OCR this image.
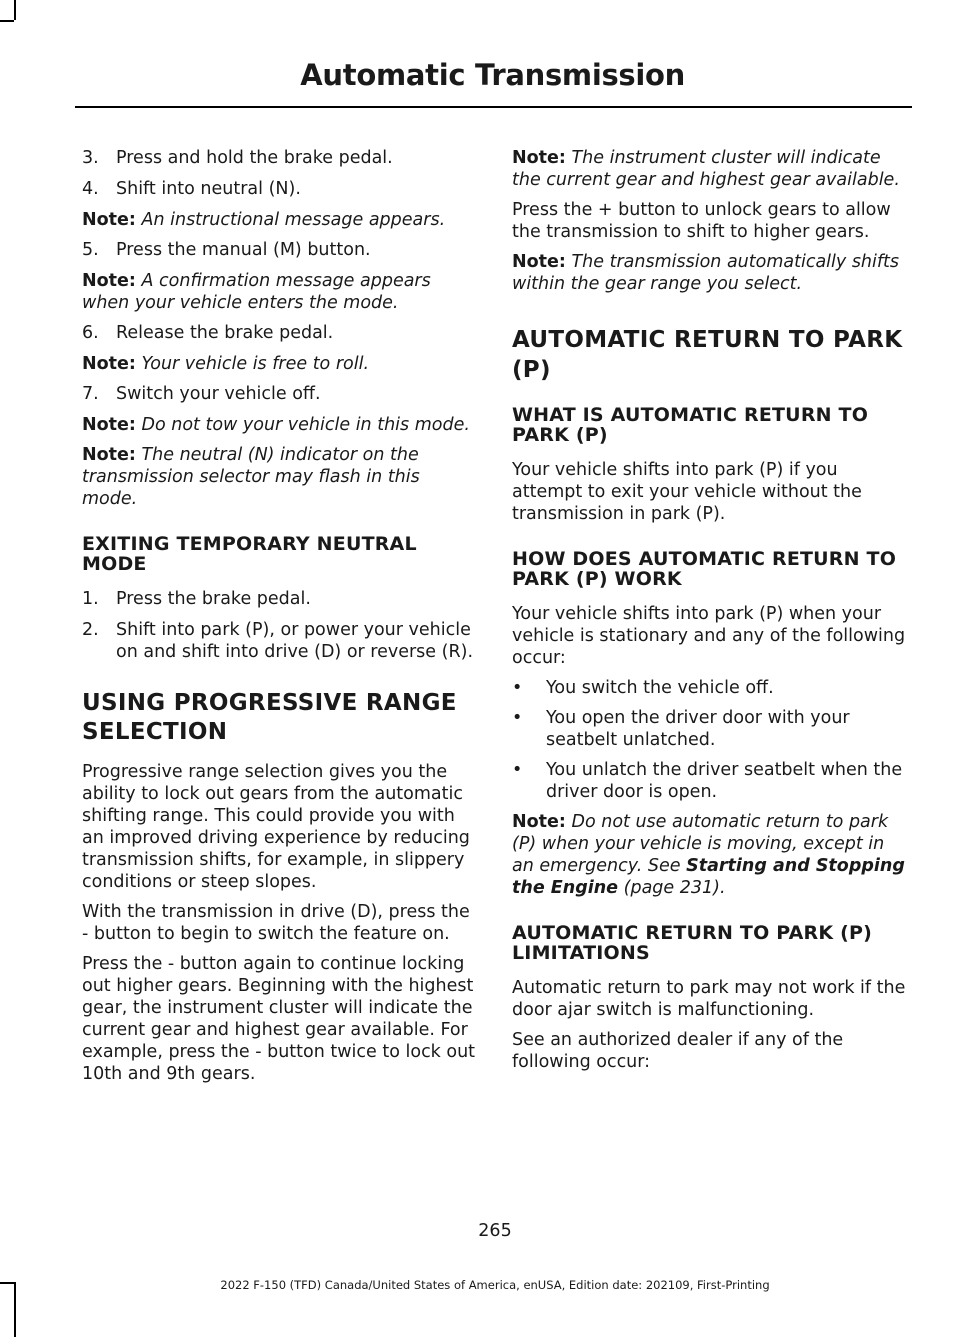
Automatic Transmission
3. Press and hold the brake pedal.
4. Shift into neutral (N).

Note: An instructional message appears.

5. Press the manual (M) button.

Note: A confirmation message appears when your vehicle enters the mode.

6. Release the brake pedal.

Note: Your vehicle is free to roll.

7. Switch your vehicle off.

Note: Do not tow your vehicle in this mode.

Note: The neutral (N) indicator on the transmission selector may flash in this mode.

EXITING TEMPORARY NEUTRAL MODE
1. Press the brake pedal.
2. Shift into park (P), or power your vehicle on and shift into drive (D) or reverse (R).
USING PROGRESSIVE RANGE SELECTION

Progressive range selection gives you the ability to lock out gears from the automatic shifting range. This could provide you with an improved driving experience by reducing transmission shifts, for example, in slippery conditions or steep slopes.

With the transmission in drive (D), press the - button to begin to switch the feature on.

Press the - button again to continue locking out higher gears. Beginning with the highest gear, the instrument cluster will indicate the current gear and highest gear available. For example, press the - button twice to lock out 10th and 9th gears.

Note: The instrument cluster will indicate the current gear and highest gear available.

Press the + button to unlock gears to allow the transmission to shift to higher gears.

Note: The transmission automatically shifts within the gear range you select.

AUTOMATIC RETURN TO PARK (P)
WHAT IS AUTOMATIC RETURN TO PARK (P)

Your vehicle shifts into park (P) if you attempt to exit your vehicle without the transmission in park (P).

HOW DOES AUTOMATIC RETURN TO PARK (P) WORK

Your vehicle shifts into park (P) when your vehicle is stationary and any of the following occur:

• You switch the vehicle off.
• You open the driver door with your seatbelt unlatched.
• You unlatch the driver seatbelt when the driver door is open.

Note: Do not use automatic return to park (P) when your vehicle is moving, except in an emergency. See Starting and Stopping the Engine (page 231).

AUTOMATIC RETURN TO PARK (P) LIMITATIONS

Automatic return to park may not work if the door ajar switch is malfunctioning.

See an authorized dealer if any of the following occur:

265
2022 F-150 (TFD) Canada/United States of America, enUSA, Edition date: 202109, First-Printing
